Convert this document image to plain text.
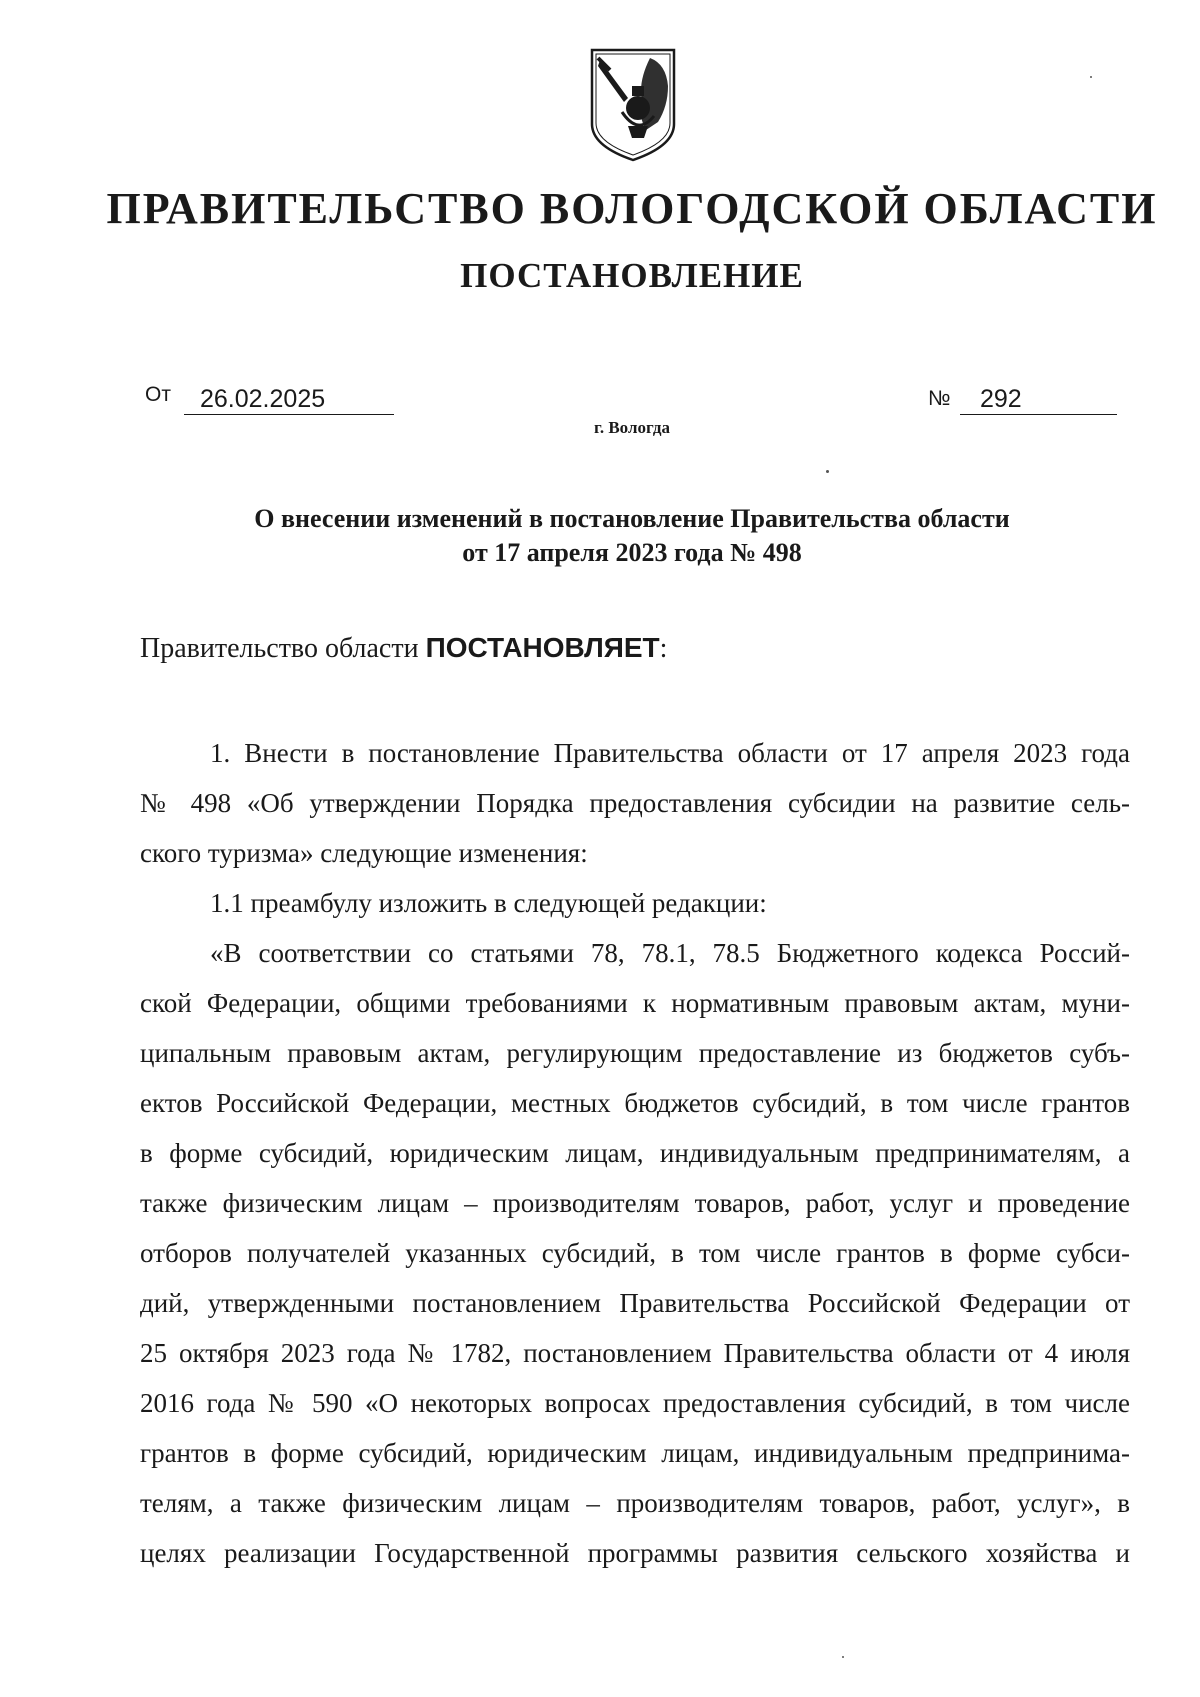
ПРАВИТЕЛЬСТВО ВОЛОГОДСКОЙ ОБЛАСТИ
ПОСТАНОВЛЕНИЕ
От	26.02.2025	№	292
г. Вологда
О внесении изменений в постановление Правительства области
от 17 апреля 2023 года № 498
Правительство области ПОСТАНОВЛЯЕТ:
1. Внести в постановление Правительства области от 17 апреля 2023 года
№ 498 «Об утверждении Порядка предоставления субсидии на развитие сель-
ского туризма» следующие изменения:
1.1 преамбулу изложить в следующей редакции:
«В соответствии со статьями 78, 78.1, 78.5 Бюджетного кодекса Россий-
ской Федерации, общими требованиями к нормативным правовым актам, муни-
ципальным правовым актам, регулирующим предоставление из бюджетов субъ-
ектов Российской Федерации, местных бюджетов субсидий, в том числе грантов
в форме субсидий, юридическим лицам, индивидуальным предпринимателям, а
также физическим лицам – производителям товаров, работ, услуг и проведение
отборов получателей указанных субсидий, в том числе грантов в форме субси-
дий, утвержденными постановлением Правительства Российской Федерации от
25 октября 2023 года № 1782, постановлением Правительства области от 4 июля
2016 года № 590 «О некоторых вопросах предоставления субсидий, в том числе
грантов в форме субсидий, юридическим лицам, индивидуальным предпринима-
телям, а также физическим лицам – производителям товаров, работ, услуг», в
целях реализации Государственной программы развития сельского хозяйства и
